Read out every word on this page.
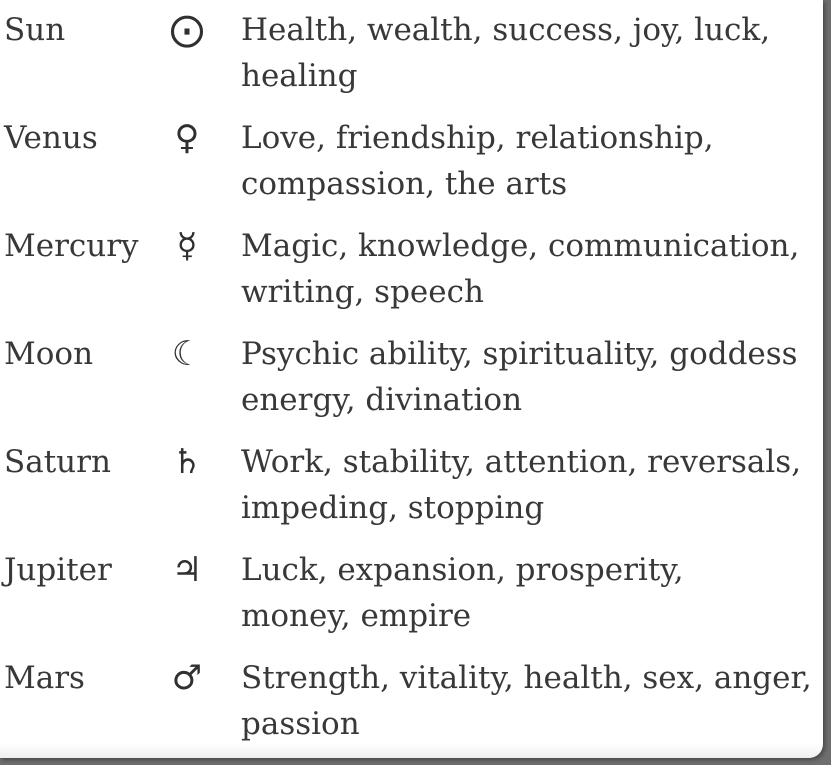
Sun	⨀ Health, wealth, success, joy, luck,
healing
Venus	♀	Love, friendship, relationship,
compassion, the arts
Mercury	☿	Magic, knowledge, communication,
writing, speech
Moon ☾ Psychic ability, spirituality, goddess
energy, divination
Saturn ♄ Work, stability, attention, reversals,
impeding, stopping
Jupiter ♃ Luck, expansion, prosperity,
money, empire
Mars	♂ Strength, vitality, health, sex, anger,
passion
